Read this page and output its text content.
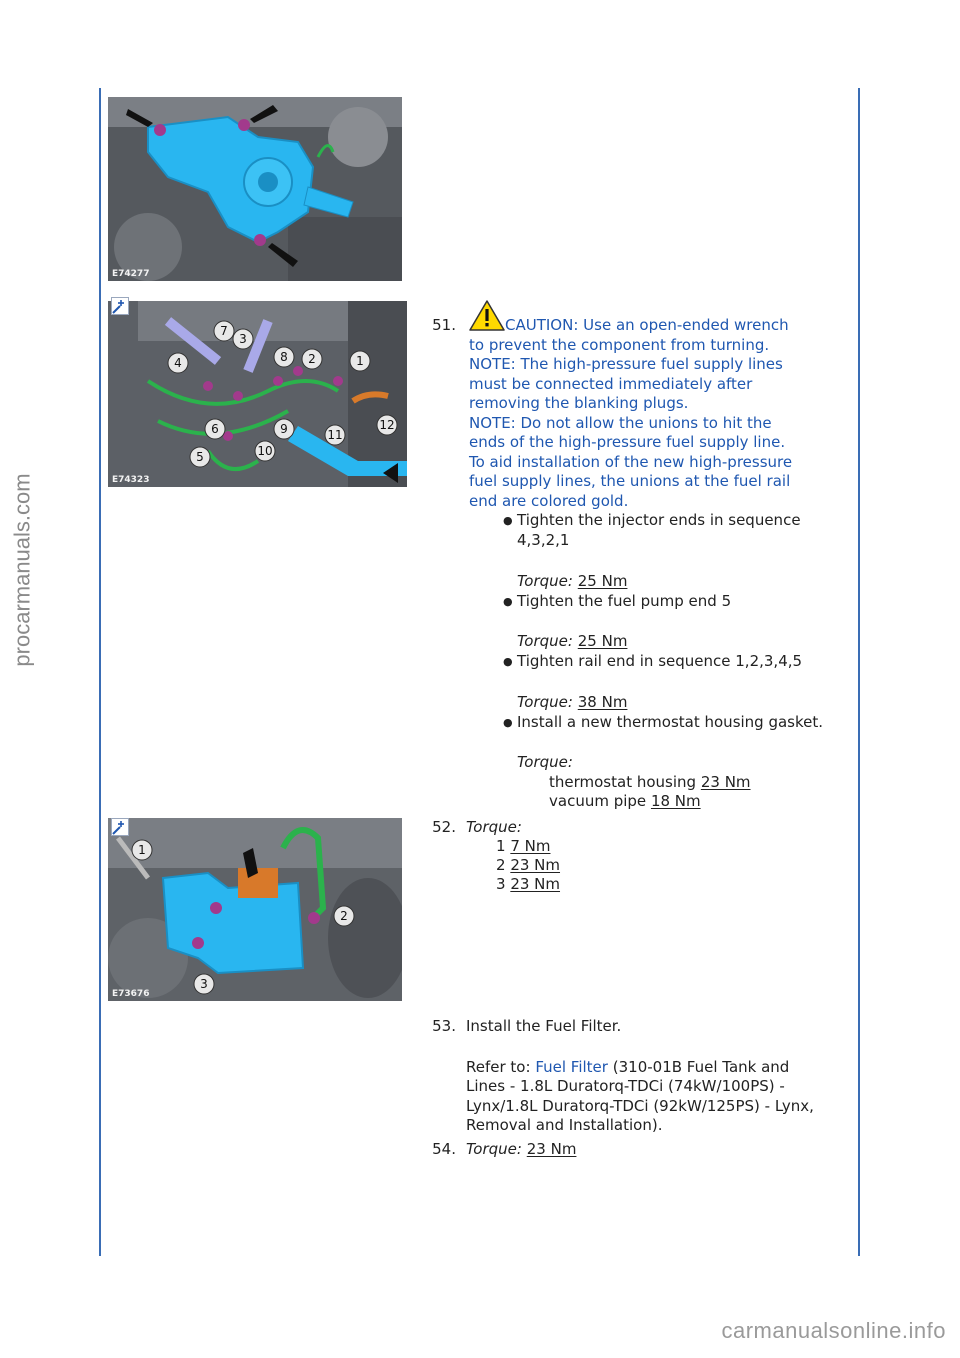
procarmanuals.com
carmanualsonline.info
E74277
7
3
4	8 2	1
6	9	11
12
5	10
E74323
1
2
3
E73676
51.	CAUTION: Use an open-ended wrench
to prevent the component from turning.
NOTE: The high-pressure fuel supply lines
must be connected immediately after
removing the blanking plugs.
NOTE: Do not allow the unions to hit the
ends of the high-pressure fuel supply line.
To aid installation of the new high-pressure
fuel supply lines, the unions at the fuel rail
end are colored gold.
● Tighten the injector ends in sequence
4,3,2,1
Torque: 25 Nm
● Tighten the fuel pump end 5
Torque: 25 Nm
● Tighten rail end in sequence 1,2,3,4,5
Torque: 38 Nm
● Install a new thermostat housing gasket.
Torque:
thermostat housing 23 Nm
vacuum pipe 18 Nm
52. Torque:
1 7 Nm
2 23 Nm
3 23 Nm
53. Install the Fuel Filter.
Refer to: Fuel Filter (310-01B Fuel Tank and
Lines - 1.8L Duratorq-TDCi (74kW/100PS) -
Lynx/1.8L Duratorq-TDCi (92kW/125PS) - Lynx,
Removal and Installation).
54. Torque: 23 Nm
